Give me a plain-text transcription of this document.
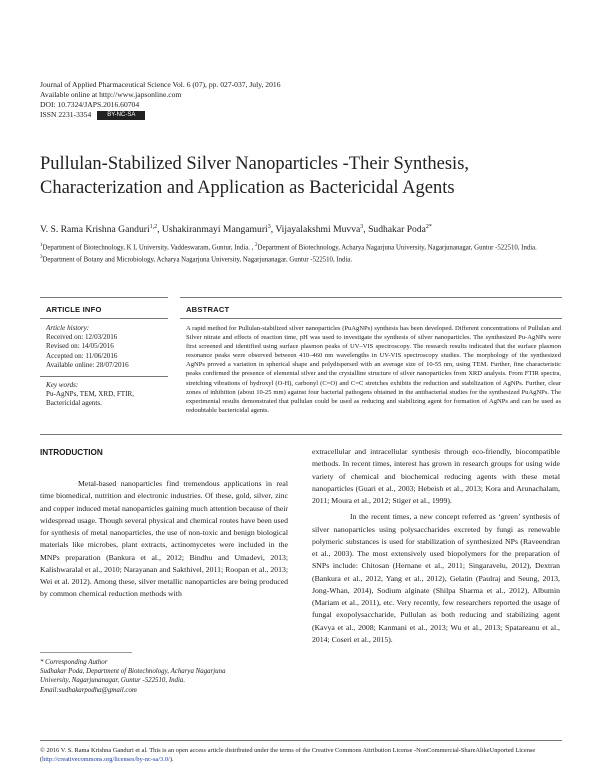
Journal of Applied Pharmaceutical Science Vol. 6 (07), pp. 027-037, July, 2016
Available online at http://www.japsonline.com
DOI: 10.7324/JAPS.2016.60704
ISSN 2231-3354	BY-NC-SA
Pullulan-Stabilized Silver Nanoparticles -Their Synthesis, Characterization and Application as Bactericidal Agents
V. S. Rama Krishna Ganduri$^{1,2}$, Ushakiranmayi Mangamuri$^3$, Vijayalakshmi Muvva$^3$, Sudhakar Poda$^{2*}$
$^1$Department of Biotechnology, K L University, Vaddeswaram, Guntur, India. , $^2$Department of Biotechnology, Acharya Nagarjuna University, Nagarjunanagar, Guntur -522510, India. $^3$Department of Botany and Microbiology, Acharya Nagarjuna University, Nagarjunanagar, Guntur -522510, India.
ARTICLE INFO
Article history:
Received on: 12/03/2016
Revised on: 14/05/2016
Accepted on: 11/06/2016
Available online: 28/07/2016
Key words:
Pu-AgNPs, TEM, XRD, FTIR, Bactericidal agents.
ABSTRACT
A rapid method for Pullulan-stabilized silver nanoparticles (PuAgNPs) synthesis has been developed. Different concentrations of Pullulan and Silver nitrate and effects of reaction time, pH was used to investigate the synthesis of silver nanoparticles. The synthesized Pu-AgNPs were first screened and identified using surface plasmon peaks of UV–VIS spectroscopy. The research results indicated that the surface plasmon resonance peaks were observed between 410–460 nm wavelengths in UV-VIS spectroscopy studies. The morphology of the synthesized AgNPs proved a variation in spherical shape and polydispersed with an average size of 10-55 nm, using TEM. Further, fine characteristic peaks confirmed the presence of elemental silver and the crystalline structure of silver nanoparticles from XRD analysis. From FTIR spectra, stretching vibrations of hydroxyl (O-H), carbonyl (C=O) and C=C stretches exhibits the reduction and stabilization of AgNPs. Further, clear zones of inhibition (about 10-25 mm) against four bacterial pathogens obtained in the antibacterial studies for the synthesized PuAgNPs. The experimental results demonstrated that pullulan could be used as reducing and stabilizing agent for formation of AgNPs and can be used as redoubtable bactericidal agents.
INTRODUCTION
Metal-based nanoparticles find tremendous applications in real time biomedical, nutrition and electronic industries. Of these, gold, silver, zinc and copper induced metal nanoparticles gaining much attention because of their widespread usage. Though several physical and chemical routes have been used for synthesis of metal nanoparticles, the use of non-toxic and benign biological materials like microbes, plant extracts, actinomycetes were included in the MNPs preparation (Bankura et al., 2012; Bindhu and Umadevi, 2013; Kalishwaralal et al., 2010; Narayanan and Sakthivel, 2011; Roopan et al., 2013; Wei et al. 2012). Among these, silver metallic nanoparticles are being produced by common chemical reduction methods with
extracellular and intracellular synthesis through eco-friendly, biocompatible methods. In recent times, interest has grown in research groups for using wide variety of chemical and biochemical reducing agents with these metal nanoparticles (Guari et al., 2003; Hebeish et al., 2013; Kora and Arunachalam, 2011; Moura et al., 2012; Stiger et al., 1999).
In the recent times, a new concept referred as ‘green’ synthesis of silver nanoparticles using polysaccharides excreted by fungi as renewable polymeric substances is used for stabilization of synthesized NPs (Raveendran et al., 2003). The most extensively used biopolymers for the preparation of SNPs include: Chitosan (Hernane et al., 2011; Singaravelu, 2012), Dextran (Bankura et al., 2012, Yang et al., 2012), Gelatin (Paulraj and Seung, 2013, Jong-Whan, 2014), Sodium alginate (Shilpa Sharma et al., 2012), Albumin (Mariam et al., 2011), etc. Very recently, few researchers reported the usage of fungal exopolysaccharide, Pullulan as both reducing and stabilizing agent (Kavya et al., 2008; Kanmani et al., 2013; Wu et al., 2013; Spatareanu et al., 2014; Coseri et al., 2015).
* Corresponding Author
Sudhakar Poda, Department of Biotechnology, Acharya Nagarjuna
University, Nagarjunanagar, Guntur -522510, India.
Email:sudhakarpodha@gmail.com
© 2016 V. S. Rama Krishna Ganduri et al. This is an open access article distributed under the terms of the Creative Commons Attribution License -NonCommercial-ShareAlikeUnported License (http://creativecommons.org/licenses/by-nc-sa/3.0/).
